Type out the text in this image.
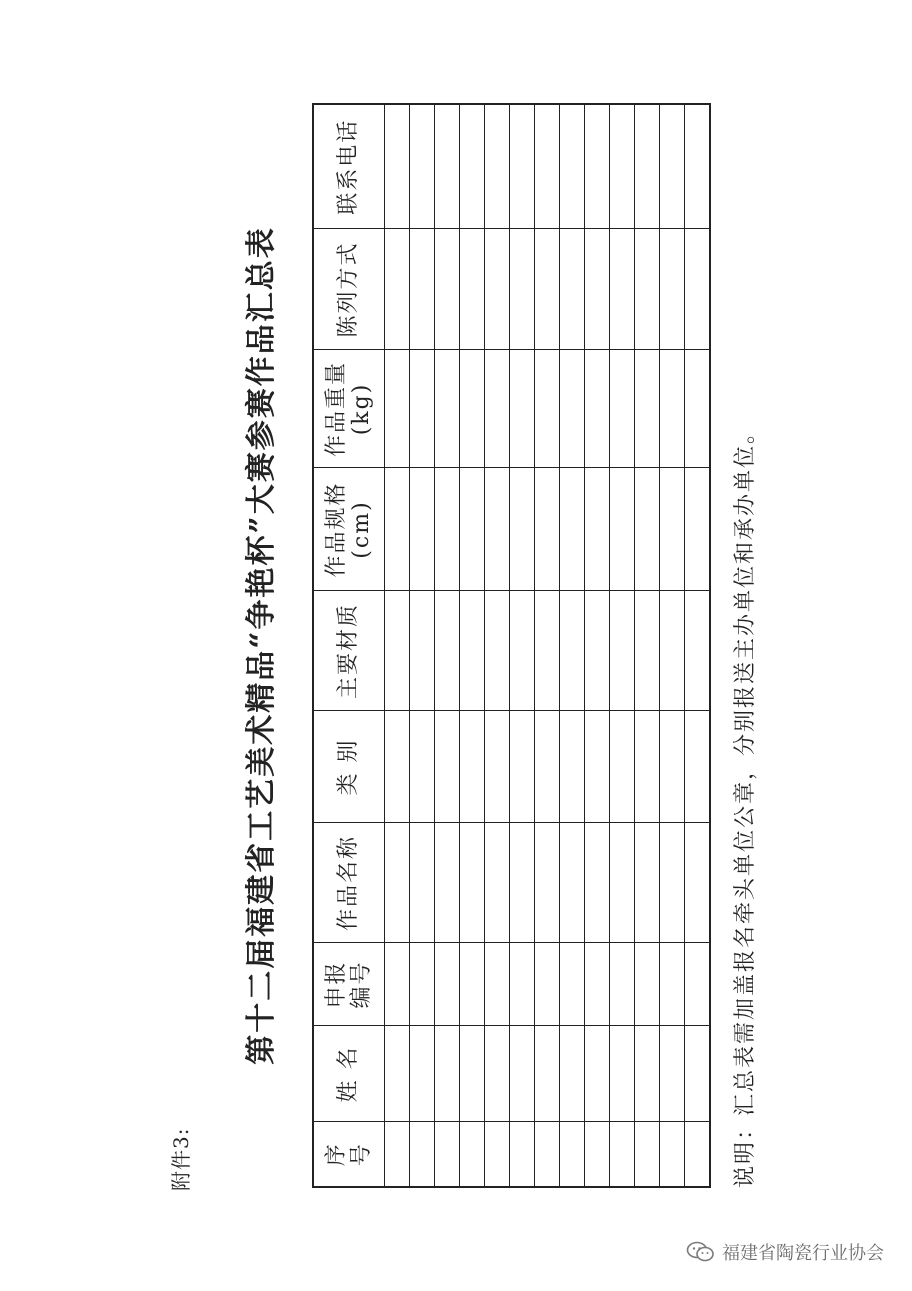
附件3:
第十二届福建省工艺美术精品“争艳杯”大赛参赛作品汇总表
序 号	姓 名	申报 编号	作品名称	类 别	主要材质	作品规格 (cm)	作品重量 (kg)	陈列方式	联系电话

说明：汇总表需加盖报名牵头单位公章，分别报送主办单位和承办单位。
福建省陶瓷行业协会
